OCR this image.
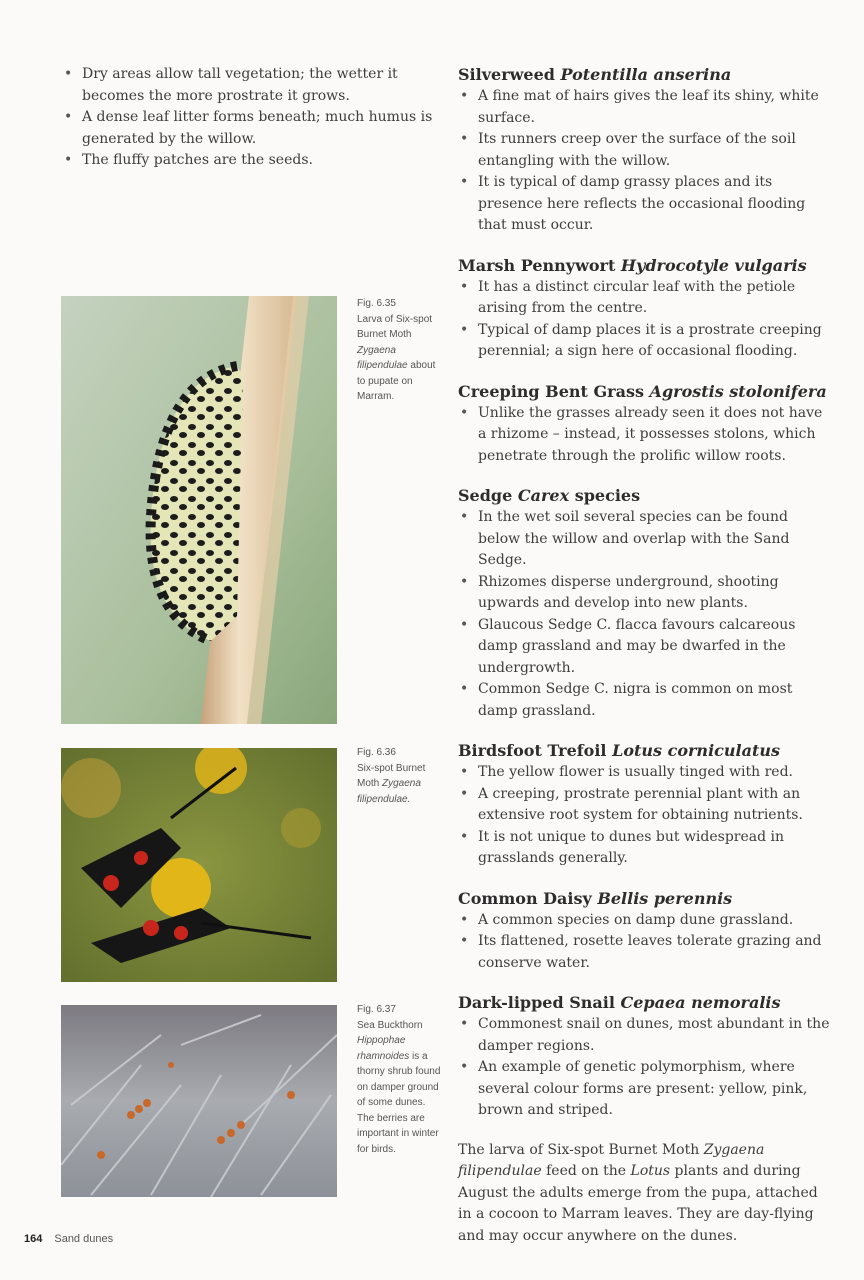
• Dry areas allow tall vegetation; the wetter it becomes the more prostrate it grows.
• A dense leaf litter forms beneath; much humus is generated by the willow.
• The fluffy patches are the seeds.
Fig. 6.35
Larva of Six-spot Burnet Moth Zygaena filipendulae about to pupate on Marram.
Fig. 6.36
Six-spot Burnet Moth Zygaena filipendulae.
Fig. 6.37
Sea Buckthorn Hippophae rhamnoides is a thorny shrub found on damper ground of some dunes. The berries are important in winter for birds.
Silverweed Potentilla anserina
• A fine mat of hairs gives the leaf its shiny, white surface.
• Its runners creep over the surface of the soil entangling with the willow.
• It is typical of damp grassy places and its presence here reflects the occasional flooding that must occur.
Marsh Pennywort Hydrocotyle vulgaris
• It has a distinct circular leaf with the petiole arising from the centre.
• Typical of damp places it is a prostrate creeping perennial; a sign here of occasional flooding.
Creeping Bent Grass Agrostis stolonifera
• Unlike the grasses already seen it does not have a rhizome – instead, it possesses stolons, which penetrate through the prolific willow roots.
Sedge Carex species
• In the wet soil several species can be found below the willow and overlap with the Sand Sedge.
• Rhizomes disperse underground, shooting upwards and develop into new plants.
• Glaucous Sedge C. flacca favours calcareous damp grassland and may be dwarfed in the undergrowth.
• Common Sedge C. nigra is common on most damp grassland.
Birdsfoot Trefoil Lotus corniculatus
• The yellow flower is usually tinged with red.
• A creeping, prostrate perennial plant with an extensive root system for obtaining nutrients.
• It is not unique to dunes but widespread in grasslands generally.
Common Daisy Bellis perennis
• A common species on damp dune grassland.
• Its flattened, rosette leaves tolerate grazing and conserve water.
Dark-lipped Snail Cepaea nemoralis
• Commonest snail on dunes, most abundant in the damper regions.
• An example of genetic polymorphism, where several colour forms are present: yellow, pink, brown and striped.

The larva of Six-spot Burnet Moth Zygaena filipendulae feed on the Lotus plants and during August the adults emerge from the pupa, attached in a cocoon to Marram leaves. They are day-flying and may occur anywhere on the dunes.

164 Sand dunes
